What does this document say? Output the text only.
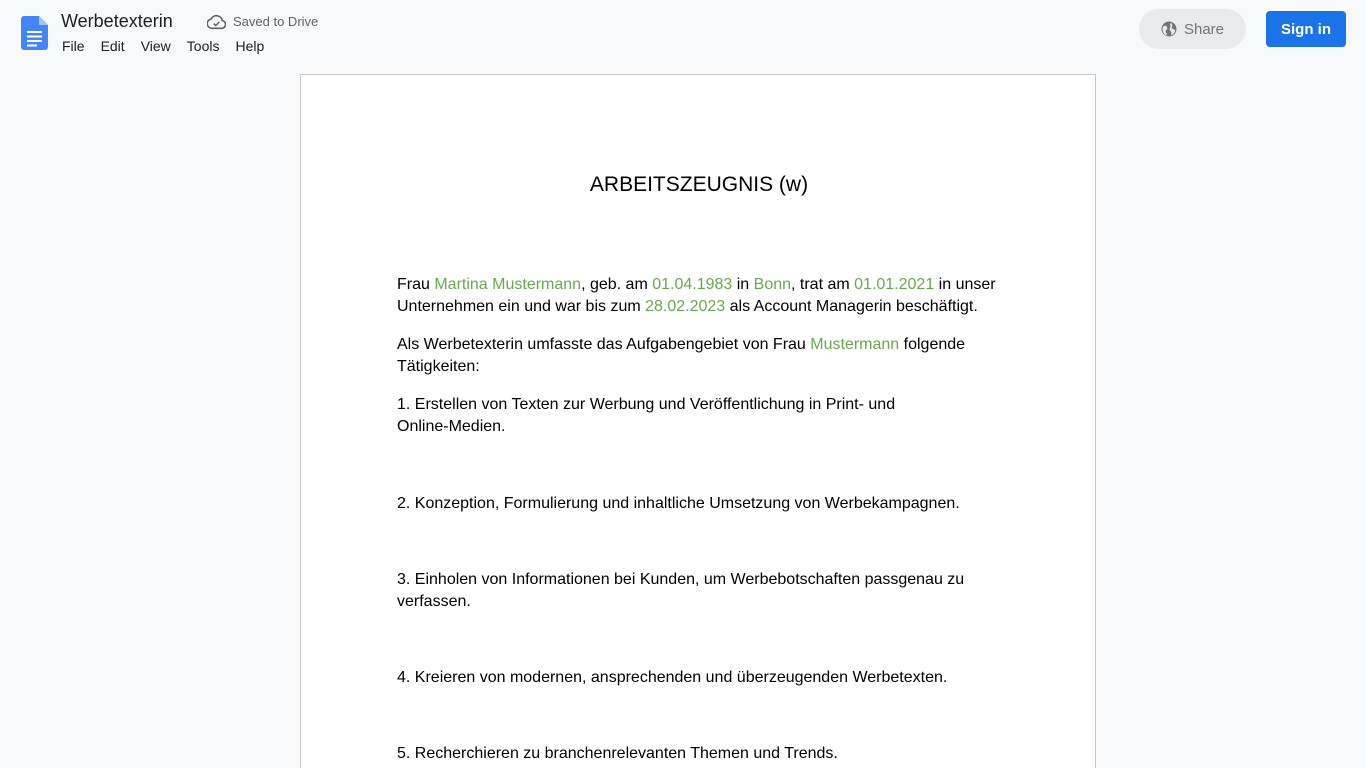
Werbetexterin	Saved to Drive
File	Edit	View	Tools	Help
Share	Sign in
ARBEITSZEUGNIS (w)
Frau Martina Mustermann, geb. am 01.04.1983 in Bonn, trat am 01.01.2021 in unser Unternehmen ein und war bis zum 28.02.2023 als Account Managerin beschäftigt.
Als Werbetexterin umfasste das Aufgabengebiet von Frau Mustermann folgende Tätigkeiten:
1. Erstellen von Texten zur Werbung und Veröffentlichung in Print- und Online-Medien.
2. Konzeption, Formulierung und inhaltliche Umsetzung von Werbekampagnen.
3. Einholen von Informationen bei Kunden, um Werbebotschaften passgenau zu verfassen.
4. Kreieren von modernen, ansprechenden und überzeugenden Werbetexten.
5. Recherchieren zu branchenrelevanten Themen und Trends.
